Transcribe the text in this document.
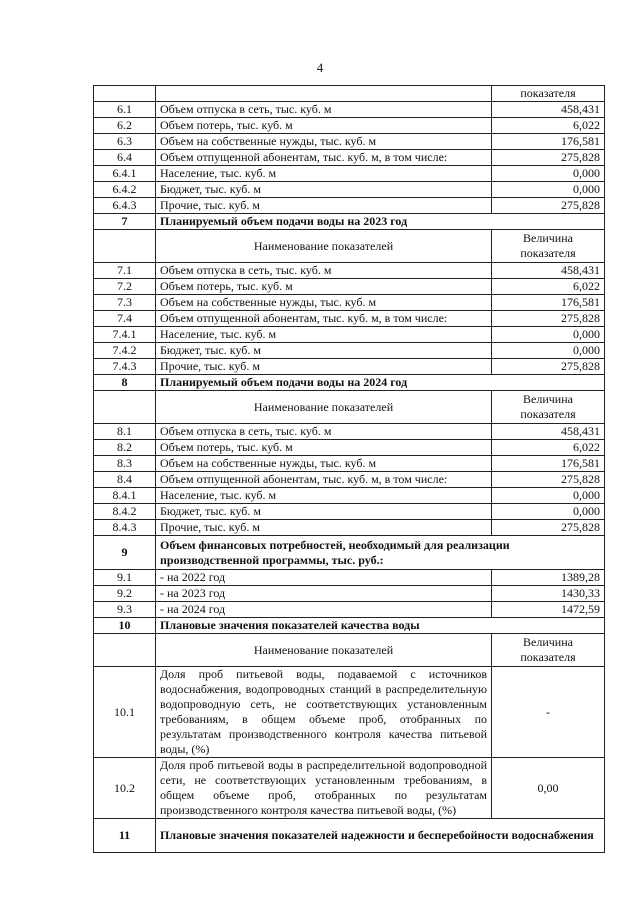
4
		показателя
6.1	Объем отпуска в сеть, тыс. куб. м	458,431
6.2	Объем потерь, тыс. куб. м	6,022
6.3	Объем на собственные нужды, тыс. куб. м	176,581
6.4	Объем отпущенной абонентам, тыс. куб. м, в том числе:	275,828
6.4.1	Население, тыс. куб. м	0,000
6.4.2	Бюджет, тыс. куб. м	0,000
6.4.3	Прочие, тыс. куб. м	275,828
7	Планируемый объем подачи воды на 2023 год	
	Наименование показателей	Величина показателя
7.1	Объем отпуска в сеть, тыс. куб. м	458,431
7.2	Объем потерь, тыс. куб. м	6,022
7.3	Объем на собственные нужды, тыс. куб. м	176,581
7.4	Объем отпущенной абонентам, тыс. куб. м, в том числе:	275,828
7.4.1	Население, тыс. куб. м	0,000
7.4.2	Бюджет, тыс. куб. м	0,000
7.4.3	Прочие, тыс. куб. м	275,828
8	Планируемый объем подачи воды на 2024 год	
	Наименование показателей	Величина показателя
8.1	Объем отпуска в сеть, тыс. куб. м	458,431
8.2	Объем потерь, тыс. куб. м	6,022
8.3	Объем на собственные нужды, тыс. куб. м	176,581
8.4	Объем отпущенной абонентам, тыс. куб. м, в том числе:	275,828
8.4.1	Население, тыс. куб. м	0,000
8.4.2	Бюджет, тыс. куб. м	0,000
8.4.3	Прочие, тыс. куб. м	275,828
9	Объем финансовых потребностей, необходимый для реализации производственной программы, тыс. руб.:	
9.1	- на 2022 год	1389,28
9.2	- на 2023 год	1430,33
9.3	- на 2024 год	1472,59
10	Плановые значения показателей качества воды	
	Наименование показателей	Величина показателя
10.1	Доля проб питьевой воды, подаваемой с источников водоснабжения, водопроводных станций в распределительную водопроводную сеть, не соответствующих установленным требованиям, в общем объеме проб, отобранных по результатам производственного контроля качества питьевой воды, (%)	-
10.2	Доля проб питьевой воды в распределительной водопроводной сети, не соответствующих установленным требованиям, в общем объеме проб, отобранных по результатам производственного контроля качества питьевой воды, (%)	0,00
11	Плановые значения показателей надежности и бесперебойности водоснабжения	
